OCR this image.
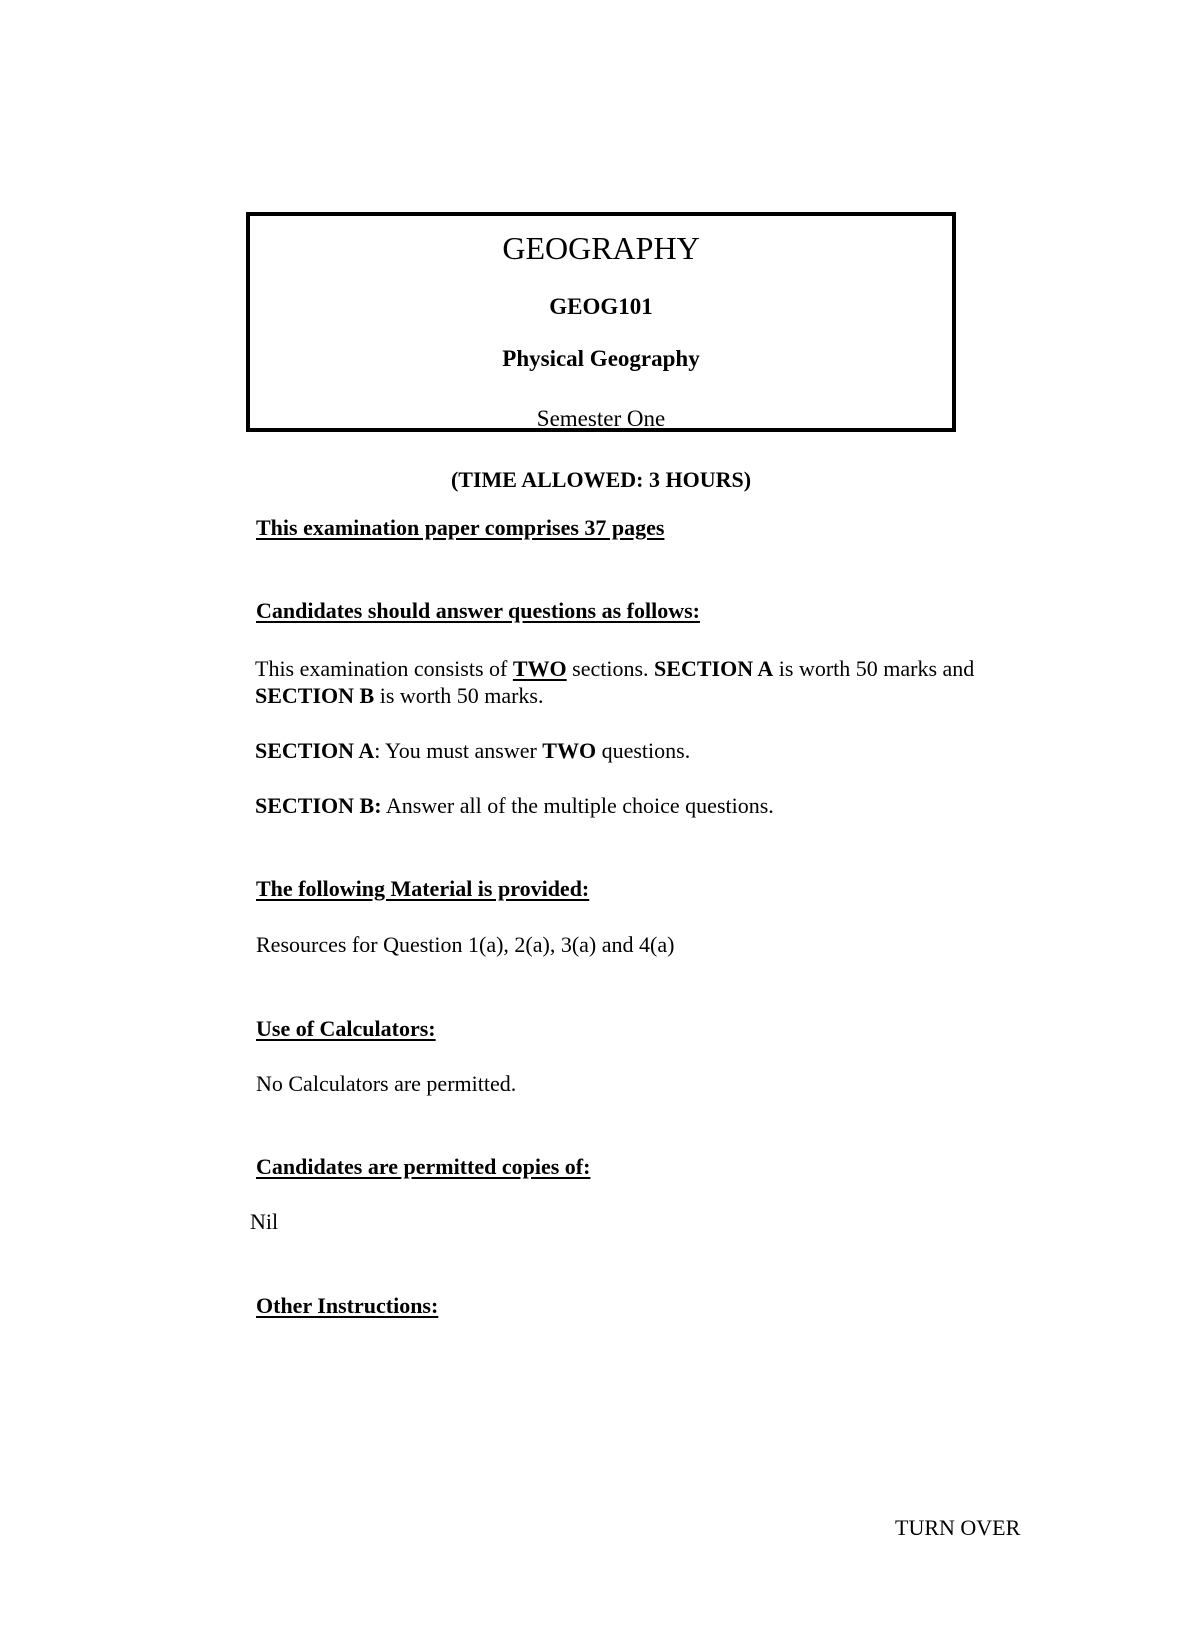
GEOGRAPHY

GEOG101

Physical Geography

Semester One

(TIME ALLOWED: 3 HOURS)

This examination paper comprises 37 pages

Candidates should answer questions as follows:

This examination consists of TWO sections. SECTION A is worth 50 marks and SECTION B is worth 50 marks.

SECTION A: You must answer TWO questions.

SECTION B: Answer all of the multiple choice questions.

The following Material is provided:

Resources for Question 1(a), 2(a), 3(a) and 4(a)

Use of Calculators:

No Calculators are permitted.

Candidates are permitted copies of:

Nil

Other Instructions:

TURN OVER
